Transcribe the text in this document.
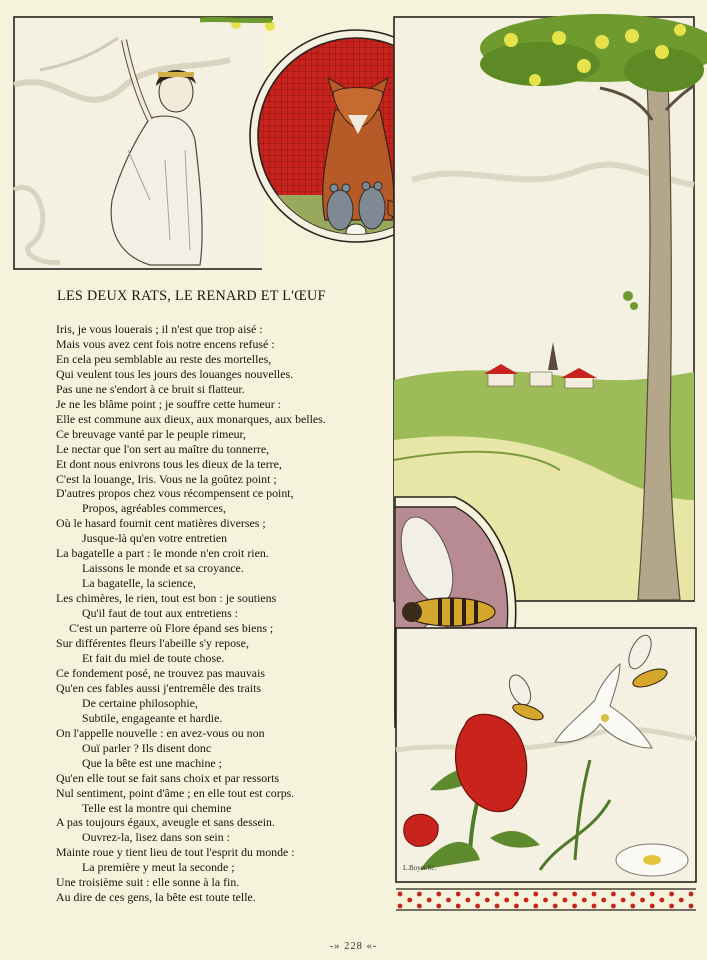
L.Boyer.Sc.
LES DEUX RATS, LE RENARD ET L'ŒUF
Iris, je vous louerais ; il n'est que trop aisé :
Mais vous avez cent fois notre encens refusé :
En cela peu semblable au reste des mortelles,
Qui veulent tous les jours des louanges nouvelles.
Pas une ne s'endort à ce bruit si flatteur.
Je ne les blâme point ; je souffre cette humeur :
Elle est commune aux dieux, aux monarques, aux belles.
Ce breuvage vanté par le peuple rimeur,
Le nectar que l'on sert au maître du tonnerre,
Et dont nous enivrons tous les dieux de la terre,
C'est la louange, Iris. Vous ne la goûtez point ;
D'autres propos chez vous récompensent ce point,
Propos, agréables commerces,
Où le hasard fournit cent matières diverses ;
Jusque-là qu'en votre entretien
La bagatelle a part : le monde n'en croit rien.
Laissons le monde et sa croyance.
La bagatelle, la science,
Les chimères, le rien, tout est bon : je soutiens
Qu'il faut de tout aux entretiens :
C'est un parterre où Flore épand ses biens ;
Sur différentes fleurs l'abeille s'y repose,
Et fait du miel de toute chose.
Ce fondement posé, ne trouvez pas mauvais
Qu'en ces fables aussi j'entremêle des traits
De certaine philosophie,
Subtile, engageante et hardie.
On l'appelle nouvelle : en avez-vous ou non
Ouï parler ? Ils disent donc
Que la bête est une machine ;
Qu'en elle tout se fait sans choix et par ressorts
Nul sentiment, point d'âme ; en elle tout est corps.
Telle est la montre qui chemine
A pas toujours égaux, aveugle et sans dessein.
Ouvrez-la, lisez dans son sein :
Mainte roue y tient lieu de tout l'esprit du monde :
La première y meut la seconde ;
Une troisième suit : elle sonne à la fin.
Au dire de ces gens, la bête est toute telle.
-» 228 «-
